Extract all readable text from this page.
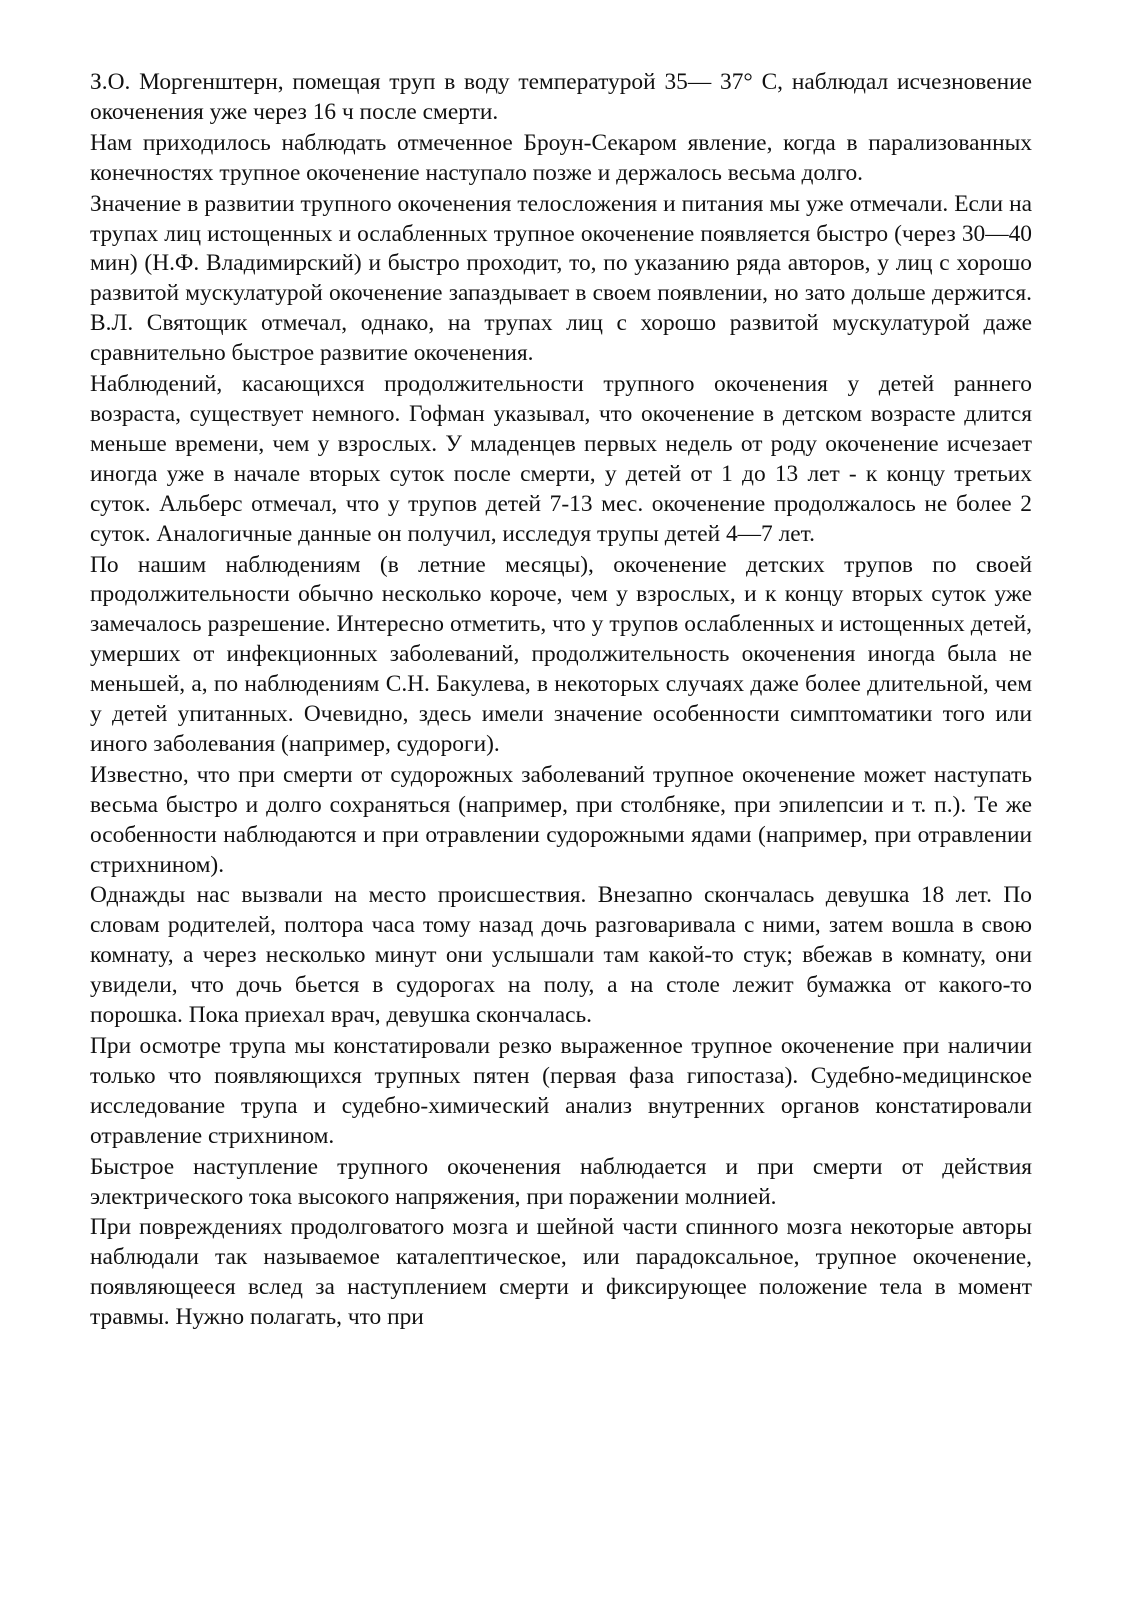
З.О. Моргенштерн, помещая труп в воду температурой 35— 37° С, наблюдал исчезновение окоченения уже через 16 ч после смерти.

Нам приходилось наблюдать отмеченное Броун-Секаром явление, когда в парализованных конечностях трупное окоченение наступало позже и держалось весьма долго.

Значение в развитии трупного окоченения телосложения и питания мы уже отмечали. Если на трупах лиц истощенных и ослабленных трупное окоченение появляется быстро (через 30—40 мин) (Н.Ф. Владимирский) и быстро проходит, то, по указанию ряда авторов, у лиц с хорошо развитой мускулатурой окоченение запаздывает в своем появлении, но зато дольше держится. В.Л. Святощик отмечал, однако, на трупах лиц с хорошо развитой мускулатурой даже сравнительно быстрое развитие окоченения.

Наблюдений, касающихся продолжительности трупного окоченения у детей раннего возраста, существует немного. Гофман указывал, что окоченение в детском возрасте длится меньше времени, чем у взрослых. У младенцев первых недель от роду окоченение исчезает иногда уже в начале вторых суток после смерти, у детей от 1 до 13 лет - к концу третьих суток. Альберс отмечал, что у трупов детей 7-13 мес. окоченение продолжалось не более 2 суток. Аналогичные данные он получил, исследуя трупы детей 4—7 лет.

По нашим наблюдениям (в летние месяцы), окоченение детских трупов по своей продолжительности обычно несколько короче, чем у взрослых, и к концу вторых суток уже замечалось разрешение. Интересно отметить, что у трупов ослабленных и истощенных детей, умерших от инфекционных заболеваний, продолжительность окоченения иногда была не меньшей, а, по наблюдениям С.Н. Бакулева, в некоторых случаях даже более длительной, чем у детей упитанных. Очевидно, здесь имели значение особенности симптоматики того или иного заболевания (например, судороги).

Известно, что при смерти от судорожных заболеваний трупное окоченение может наступать весьма быстро и долго сохраняться (например, при столбняке, при эпилепсии и т. п.). Те же особенности наблюдаются и при отравлении судорожными ядами (например, при отравлении стрихнином).

Однажды нас вызвали на место происшествия. Внезапно скончалась девушка 18 лет. По словам родителей, полтора часа тому назад дочь разговаривала с ними, затем вошла в свою комнату, а через несколько минут они услышали там какой-то стук; вбежав в комнату, они увидели, что дочь бьется в судорогах на полу, а на столе лежит бумажка от какого-то порошка. Пока приехал врач, девушка скончалась.

При осмотре трупа мы констатировали резко выраженное трупное окоченение при наличии только что появляющихся трупных пятен (первая фаза гипостаза). Судебно-медицинское исследование трупа и судебно-химический анализ внутренних органов констатировали отравление стрихнином.

Быстрое наступление трупного окоченения наблюдается и при смерти от действия электрического тока высокого напряжения, при поражении молнией.

При повреждениях продолговатого мозга и шейной части спинного мозга некоторые авторы наблюдали так называемое каталептическое, или парадоксальное, трупное окоченение, появляющееся вслед за наступлением смерти и фиксирующее положение тела в момент травмы. Нужно полагать, что при
